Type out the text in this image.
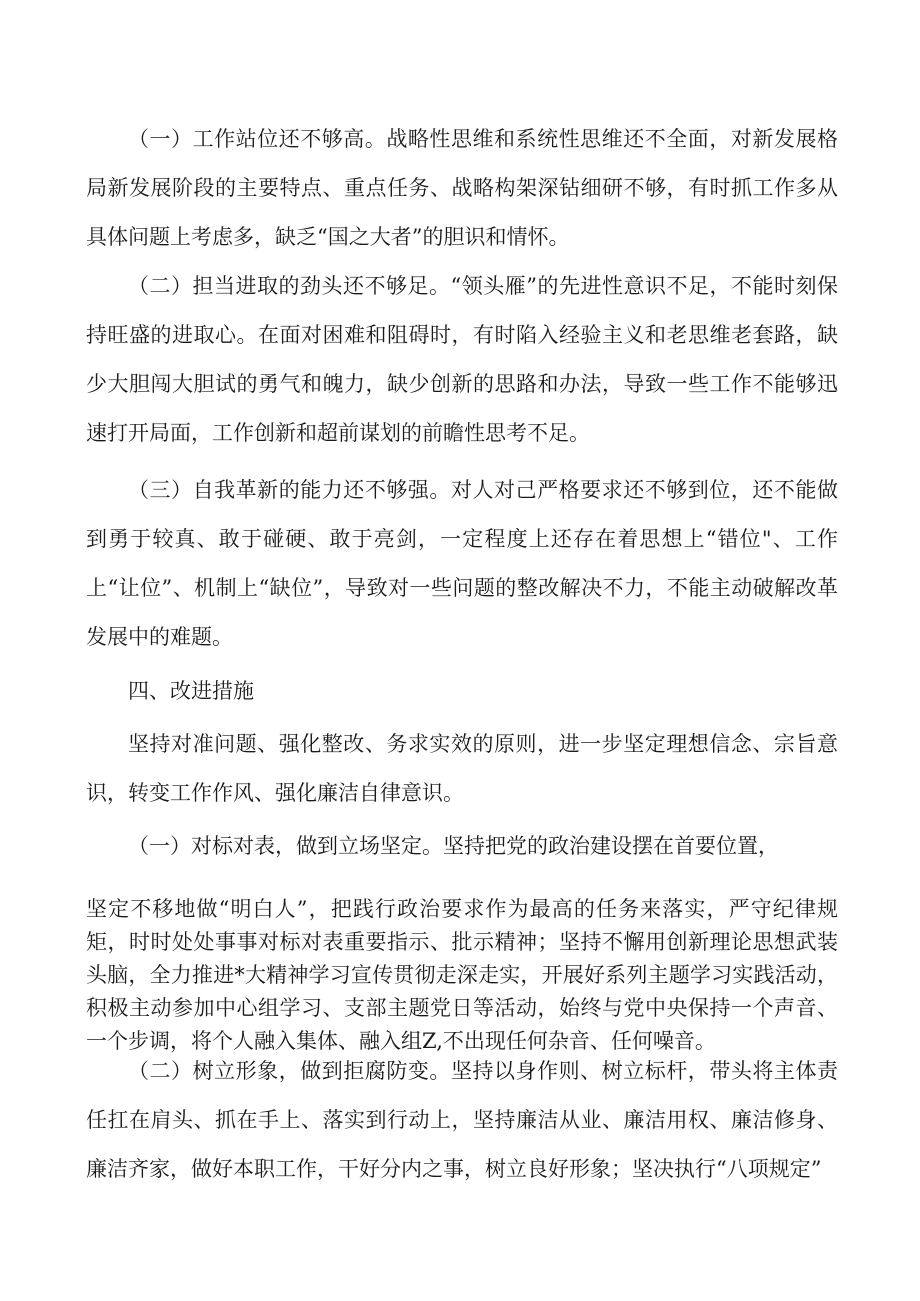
（一）工作站位还不够高。战略性思维和系统性思维还不全面，对新发展格局新发展阶段的主要特点、重点任务、战略构架深钻细研不够，有时抓工作多从具体问题上考虑多，缺乏“国之大者”的胆识和情怀。

（二）担当进取的劲头还不够足。“领头雁”的先进性意识不足，不能时刻保持旺盛的进取心。在面对困难和阻碍时，有时陷入经验主义和老思维老套路，缺少大胆闯大胆试的勇气和魄力，缺少创新的思路和办法，导致一些工作不能够迅速打开局面，工作创新和超前谋划的前瞻性思考不足。

（三）自我革新的能力还不够强。对人对己严格要求还不够到位，还不能做到勇于较真、敢于碰硬、敢于亮剑，一定程度上还存在着思想上“错位"、工作上“让位”、机制上“缺位”，导致对一些问题的整改解决不力，不能主动破解改革发展中的难题。

四、改进措施

坚持对准问题、强化整改、务求实效的原则，进一步坚定理想信念、宗旨意识，转变工作作风、强化廉洁自律意识。

（一）对标对表，做到立场坚定。坚持把党的政治建设摆在首要位置，

坚定不移地做“明白人”，把践行政治要求作为最高的任务来落实，严守纪律规矩，时时处处事事对标对表重要指示、批示精神；坚持不懈用创新理论思想武装头脑，全力推进*大精神学习宣传贯彻走深走实，开展好系列主题学习实践活动，积极主动参加中心组学习、支部主题党日等活动，始终与党中央保持一个声音、一个步调，将个人融入集体、融入组Z,不出现任何杂音、任何噪音。

（二）树立形象，做到拒腐防变。坚持以身作则、树立标杆，带头将主体责任扛在肩头、抓在手上、落实到行动上，坚持廉洁从业、廉洁用权、廉洁修身、廉洁齐家，做好本职工作，干好分内之事，树立良好形象；坚决执行“八项规定”
